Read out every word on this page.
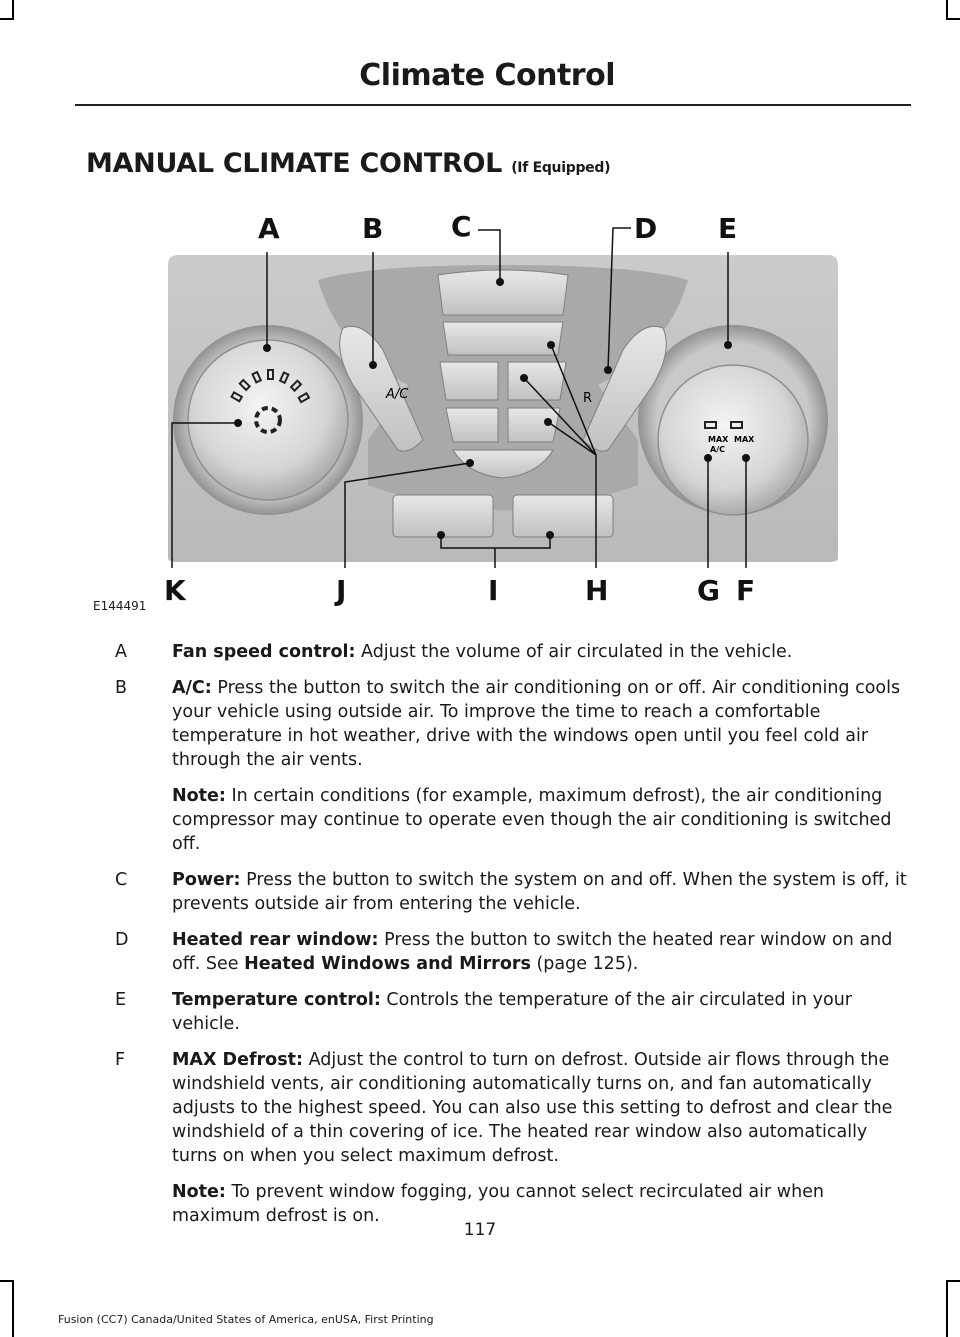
Climate Control
MANUAL CLIMATE CONTROL (If Equipped)
MAX
A/C
MAX
A/C	R
A	B C	D E
K	J	I	H	G F
E144491
A	Fan speed control: Adjust the volume of air circulated in the vehicle.
B	A/C: Press the button to switch the air conditioning on or off. Air conditioning cools your vehicle using outside air. To improve the time to reach a comfortable temperature in hot weather, drive with the windows open until you feel cold air through the air vents.
Note: In certain conditions (for example, maximum defrost), the air conditioning compressor may continue to operate even though the air conditioning is switched off.
C	Power: Press the button to switch the system on and off. When the system is off, it prevents outside air from entering the vehicle.
D	Heated rear window: Press the button to switch the heated rear window on and off. See Heated Windows and Mirrors (page 125).
E	Temperature control: Controls the temperature of the air circulated in your vehicle.
F	MAX Defrost: Adjust the control to turn on defrost. Outside air flows through the windshield vents, air conditioning automatically turns on, and fan automatically adjusts to the highest speed. You can also use this setting to defrost and clear the windshield of a thin covering of ice. The heated rear window also automatically turns on when you select maximum defrost.
Note: To prevent window fogging, you cannot select recirculated air when maximum defrost is on.
117
Fusion (CC7) Canada/United States of America, enUSA, First Printing
